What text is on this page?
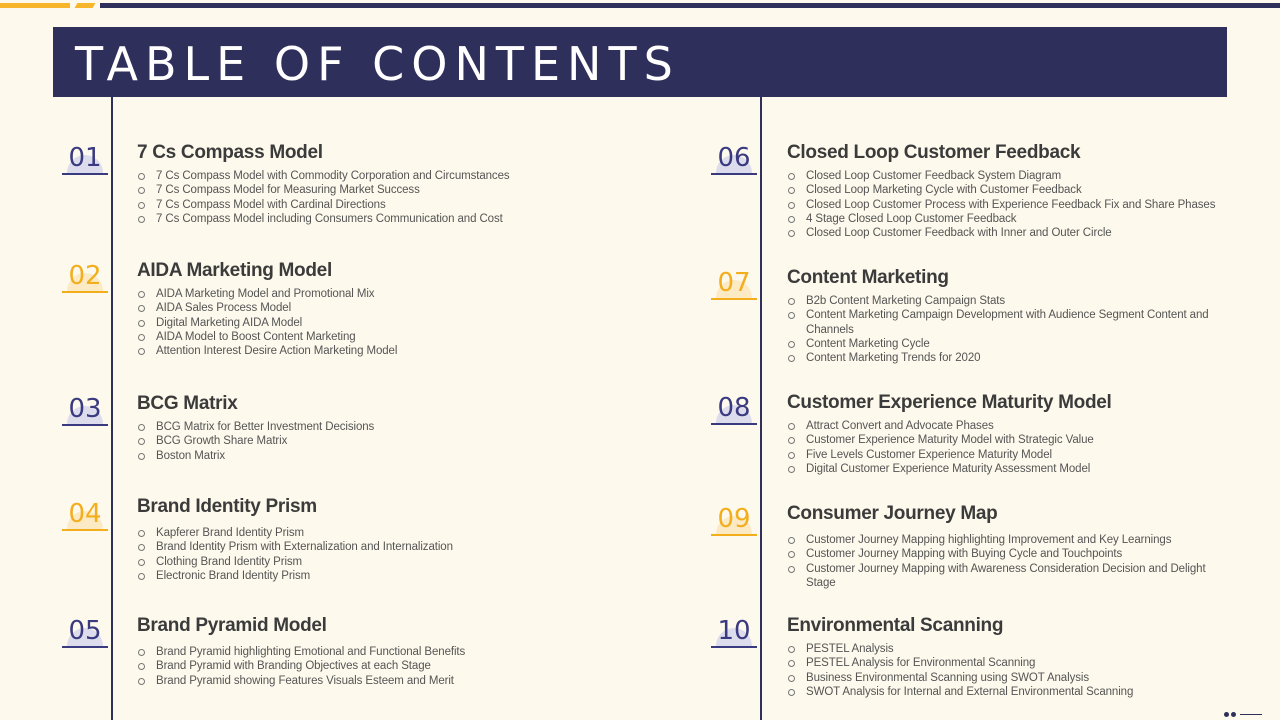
TABLE OF CONTENTS
01	7 Cs Compass Model
7 Cs Compass Model with Commodity Corporation and Circumstances
7 Cs Compass Model for Measuring Market Success
7 Cs Compass Model with Cardinal Directions
7 Cs Compass Model including Consumers Communication and Cost
02	AIDA Marketing Model
AIDA Marketing Model and Promotional Mix
AIDA Sales Process Model
Digital Marketing AIDA Model
AIDA Model to Boost Content Marketing
Attention Interest Desire Action Marketing Model
03	BCG Matrix
BCG Matrix for Better Investment Decisions
BCG Growth Share Matrix
Boston Matrix
04	Brand Identity Prism
Kapferer Brand Identity Prism
Brand Identity Prism with Externalization and Internalization
Clothing Brand Identity Prism
Electronic Brand Identity Prism
05	Brand Pyramid Model
Brand Pyramid highlighting Emotional and Functional Benefits
Brand Pyramid with Branding Objectives at each Stage
Brand Pyramid showing Features Visuals Esteem and Merit
06	Closed Loop Customer Feedback
Closed Loop Customer Feedback System Diagram
Closed Loop Marketing Cycle with Customer Feedback
Closed Loop Customer Process with Experience Feedback Fix and Share Phases
4 Stage Closed Loop Customer Feedback
Closed Loop Customer Feedback with Inner and Outer Circle
07	Content Marketing
B2b Content Marketing Campaign Stats
Content Marketing Campaign Development with Audience Segment Content and Channels
Content Marketing Cycle
Content Marketing Trends for 2020
08	Customer Experience Maturity Model
Attract Convert and Advocate Phases
Customer Experience Maturity Model with Strategic Value
Five Levels Customer Experience Maturity Model
Digital Customer Experience Maturity Assessment Model
09	Consumer Journey Map
Customer Journey Mapping highlighting Improvement and Key Learnings
Customer Journey Mapping with Buying Cycle and Touchpoints
Customer Journey Mapping with Awareness Consideration Decision and Delight Stage
10	Environmental Scanning
PESTEL Analysis
PESTEL Analysis for Environmental Scanning
Business Environmental Scanning using SWOT Analysis
SWOT Analysis for Internal and External Environmental Scanning
